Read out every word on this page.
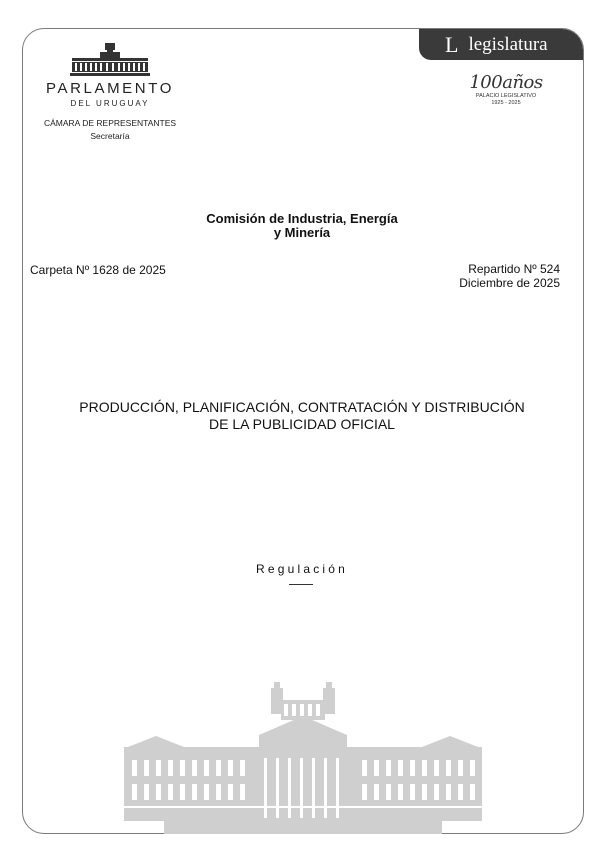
L legislatura
PARLAMENTO
DEL URUGUAY
CÁMARA DE REPRESENTANTES
Secretaría
100años
PALACIO LEGISLATIVO
1925 - 2025
Comisión de Industria, Energía
y Minería
Carpeta Nº 1628 de 2025	Repartido Nº 524
Diciembre de 2025
PRODUCCIÓN, PLANIFICACIÓN, CONTRATACIÓN Y DISTRIBUCIÓN
DE LA PUBLICIDAD OFICIAL
Regulación
